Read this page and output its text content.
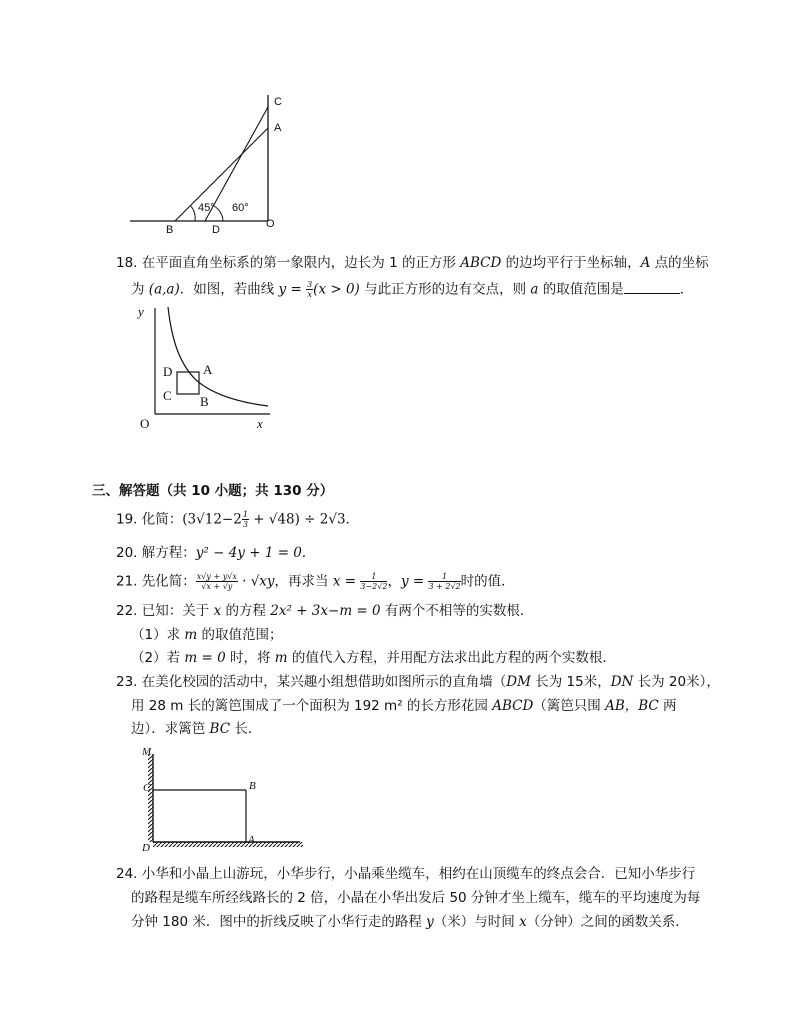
C
A
45° 60°
B	D	O
18. 在平面直角坐标系的第一象限内，边长为 1 的正方形 ABCD 的边均平行于坐标轴，A 点的坐标
为 (a,a)．如图，若曲线 $y = \frac{3}{x} (x > 0)$ 与此正方形的边有交点，则 a 的取值范围是	．
y
x
O
D A
C B
三、解答题（共 10 小题；共 130 分）
19. 化简：$(3√12-2 \frac{1}{3} + √48) \div 2√3$．
20. 解方程：y² − 4y + 1 = 0．
21. 先化简： $\frac{x√y + y√x}{√x + √y} \cdot √xy$，再求当 $x = \frac{1}{3-2√2}$ ，$y = \frac{1}{3 + 2√2}$ 时的值．
22. 已知：关于 x 的方程 2x² + 3x−m = 0 有两个不相等的实数根．
（1）求 m 的取值范围；
（2）若 m = 0 时，将 m 的值代入方程，并用配方法求出此方程的两个实数根．
23. 在美化校园的活动中，某兴趣小组想借助如图所示的直角墙（DM 长为 15米，DN 长为 20米），
用 28 m 长的篱笆围成了一个面积为 192 m² 的长方形花园 ABCD（篱笆只围 AB，BC 两
边）．求篱笆 BC 长．
M
C	B
A
D
24. 小华和小晶上山游玩，小华步行，小晶乘坐缆车，相约在山顶缆车的终点会合．已知小华步行
的路程是缆车所经线路长的 2 倍，小晶在小华出发后 50 分钟才坐上缆车，缆车的平均速度为每
分钟 180 米．图中的折线反映了小华行走的路程 y（米）与时间 x（分钟）之间的函数关系．
